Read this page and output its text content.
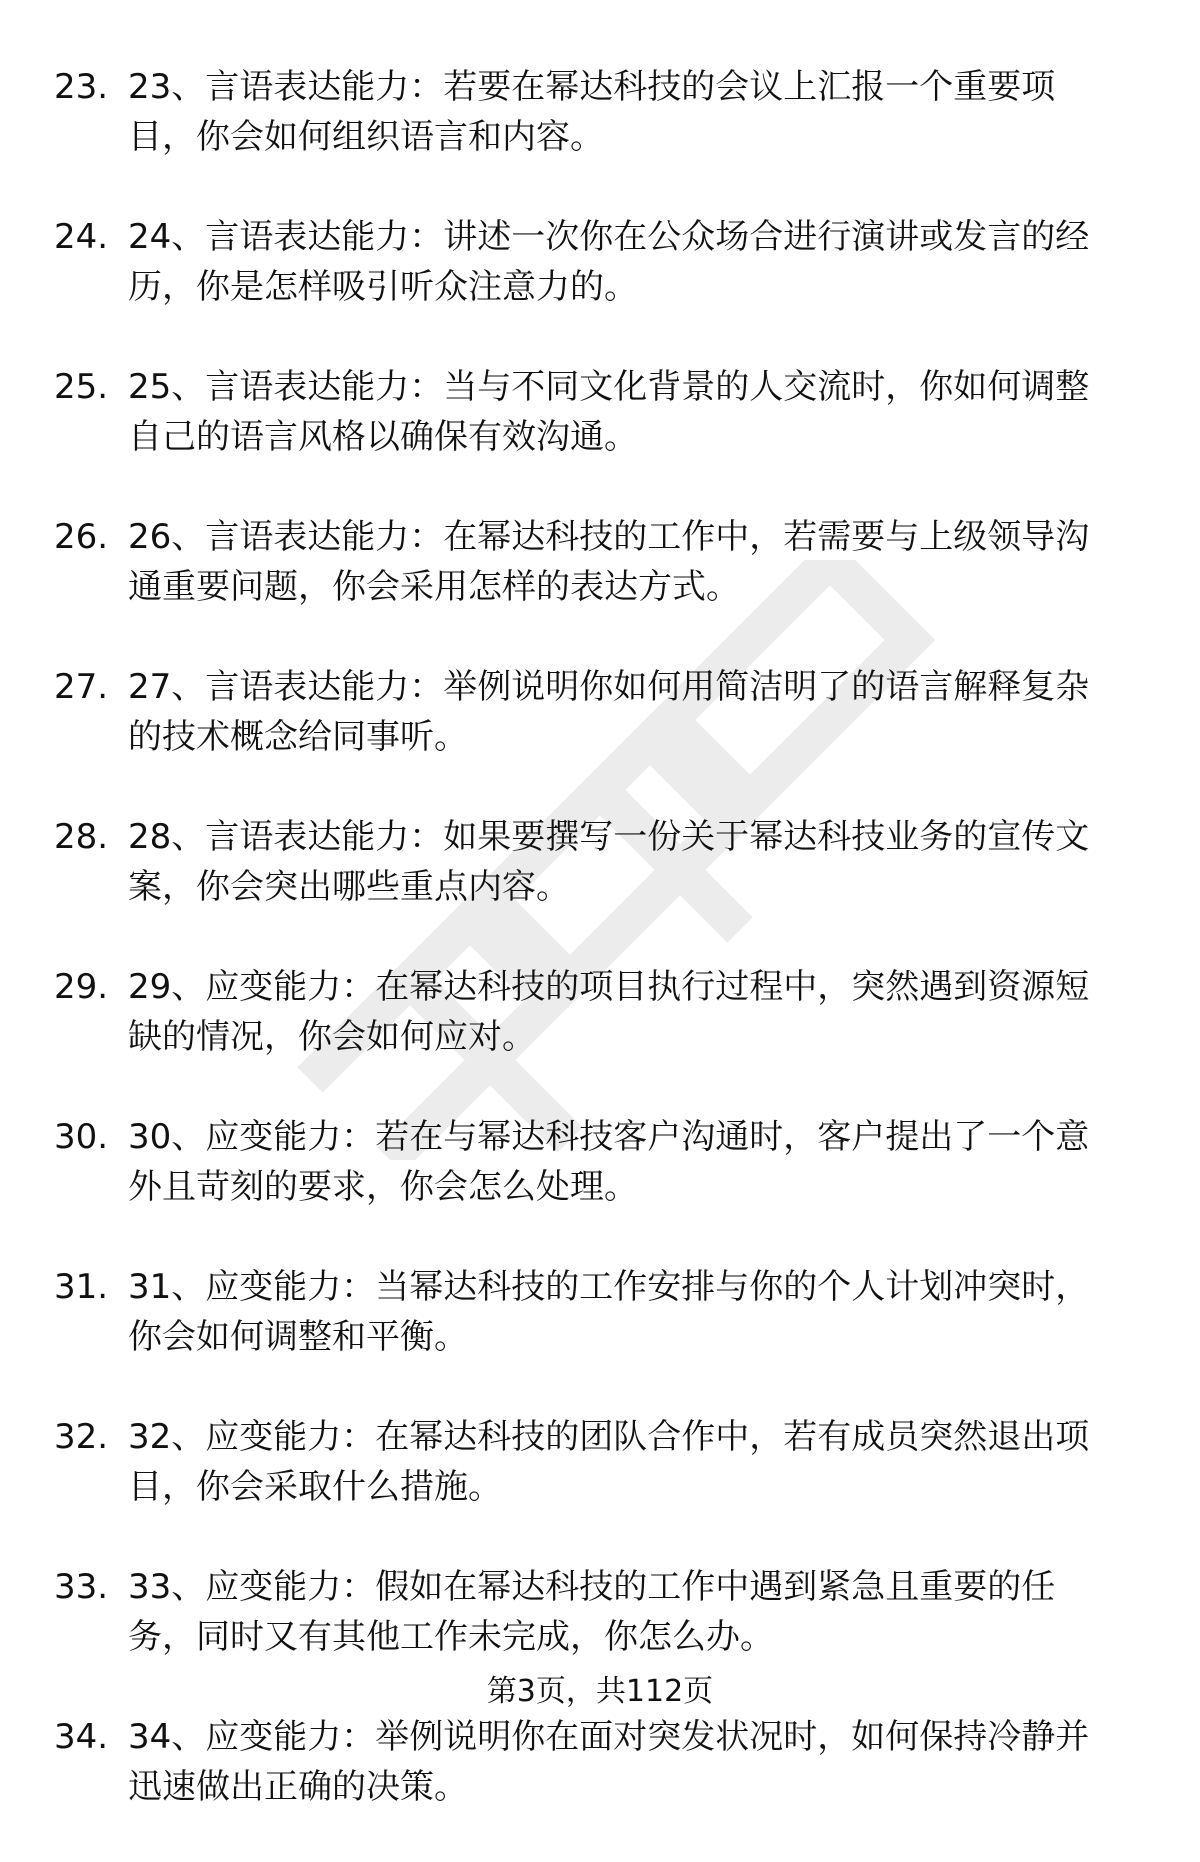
23. 23、言语表达能力：若要在幂达科技的会议上汇报一个重要项
目，你会如何组织语言和内容。
24. 24、言语表达能力：讲述一次你在公众场合进行演讲或发言的经
历，你是怎样吸引听众注意力的。
25. 25、言语表达能力：当与不同文化背景的人交流时，你如何调整
自己的语言风格以确保有效沟通。
26. 26、言语表达能力：在幂达科技的工作中，若需要与上级领导沟
通重要问题，你会采用怎样的表达方式。
27. 27、言语表达能力：举例说明你如何用简洁明了的语言解释复杂
的技术概念给同事听。
28. 28、言语表达能力：如果要撰写一份关于幂达科技业务的宣传文
案，你会突出哪些重点内容。
29. 29、应变能力：在幂达科技的项目执行过程中，突然遇到资源短
缺的情况，你会如何应对。
30. 30、应变能力：若在与幂达科技客户沟通时，客户提出了一个意
外且苛刻的要求，你会怎么处理。
31. 31、应变能力：当幂达科技的工作安排与你的个人计划冲突时，
你会如何调整和平衡。
32. 32、应变能力：在幂达科技的团队合作中，若有成员突然退出项
目，你会采取什么措施。
33. 33、应变能力：假如在幂达科技的工作中遇到紧急且重要的任
务，同时又有其他工作未完成，你怎么办。
34. 34、应变能力：举例说明你在面对突发状况时，如何保持冷静并
迅速做出正确的决策。
第3页，共112页
